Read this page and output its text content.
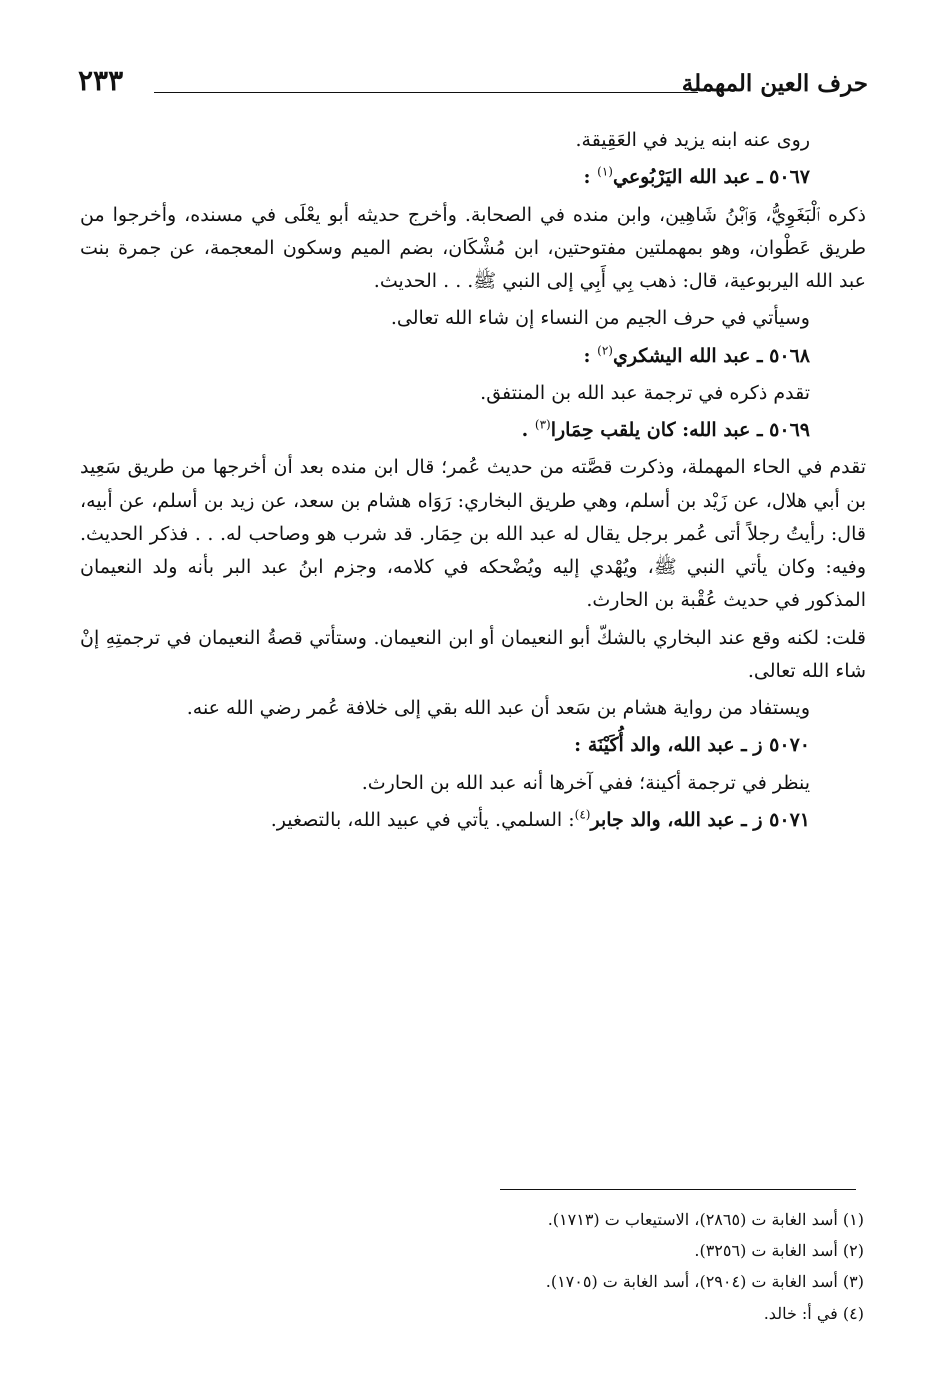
حرف العين المهملة
٢٣٣

روى عنه ابنه يزيد في العَقِيقة.

٥٠٦٧ ـ عبد الله اليَرْبُوعي$^{(١)}$ :

ذكره ٱلْبَغَوِيُّ، وَٱبْنُ شَاهِين، وابن منده في الصحابة. وأخرج حديثه أبو يعْلَى في مسنده، وأخرجوا من طريق عَطْوان، وهو بمهملتين مفتوحتين، ابن مُشْكَان، بضم الميم وسكون المعجمة، عن جمرة بنت عبد الله اليربوعية، قال: ذهب بِي أَبِي إلى النبي ﷺ. . . الحديث.

وسيأتي في حرف الجيم من النساء إن شاء الله تعالى.

٥٠٦٨ ـ عبد الله اليشكري$^{(٢)}$ :

تقدم ذكره في ترجمة عبد الله بن المنتفق.

٥٠٦٩ ـ عبد الله: كان يلقب حِمَارا$^{(٣)}$ .

تقدم في الحاء المهملة، وذكرت قصَّته من حديث عُمر؛ قال ابن منده بعد أن أخرجها من طريق سَعِيد بن أبي هلال، عن زَيْد بن أسلم، وهي طريق البخاري: رَوَاه هشام بن سعد، عن زيد بن أسلم، عن أبيه، قال: رأيتُ رجلاً أتى عُمر برجل يقال له عبد الله بن حِمَار. قد شرب هو وصاحب له. . . فذكر الحديث. وفيه: وكان يأتي النبي ﷺ، ويُهْدي إليه ويُضْحكه في كلامه، وجزم ابنُ عبد البر بأنه ولد النعيمان المذكور في حديث عُقْبة بن الحارث.

قلت: لكنه وقع عند البخاري بالشكّ أبو النعيمان أو ابن النعيمان. وستأتي قصةُ النعيمان في ترجمتِهِ إنْ شاء الله تعالى.

ويستفاد من رواية هشام بن سَعد أن عبد الله بقي إلى خلافة عُمر رضي الله عنه.

٥٠٧٠ ز ـ عبد الله، والد أُكَيْنَة :

ينظر في ترجمة أكينة؛ ففي آخرها أنه عبد الله بن الحارث.

٥٠٧١ ز ـ عبد الله، والد جابر$^{(٤)}$: السلمي. يأتي في عبيد الله، بالتصغير.

(١) أسد الغابة ت (٢٨٦٥)، الاستيعاب ت (١٧١٣).
(٢) أسد الغابة ت (٣٢٥٦).
(٣) أسد الغابة ت (٢٩٠٤)، أسد الغابة ت (١٧٠٥).
(٤) في أ: خالد.
